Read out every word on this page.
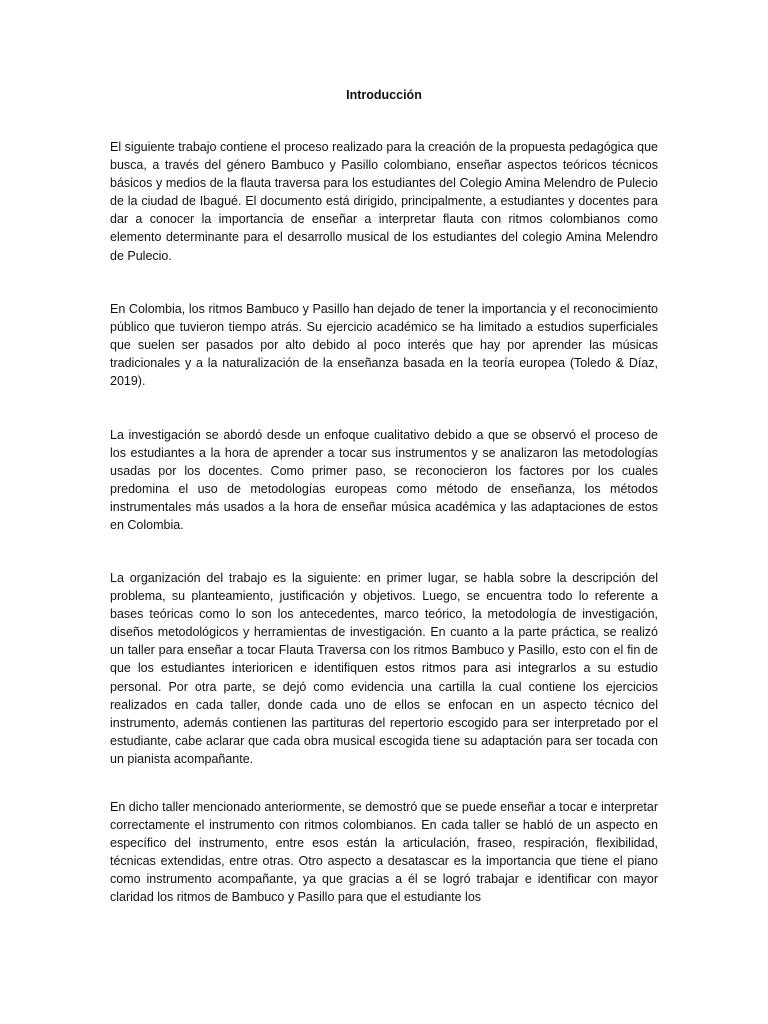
Introducción

El siguiente trabajo contiene el proceso realizado para la creación de la propuesta pedagógica que busca, a través del género Bambuco y Pasillo colombiano, enseñar aspectos teóricos técnicos básicos y medios de la flauta traversa para los estudiantes del Colegio Amina Melendro de Pulecio de la ciudad de Ibagué. El documento está dirigido, principalmente, a estudiantes y docentes para dar a conocer la importancia de enseñar a interpretar flauta con ritmos colombianos como elemento determinante para el desarrollo musical de los estudiantes del colegio Amina Melendro de Pulecio.

En Colombia, los ritmos Bambuco y Pasillo han dejado de tener la importancia y el reconocimiento público que tuvieron tiempo atrás. Su ejercicio académico se ha limitado a estudios superficiales que suelen ser pasados por alto debido al poco interés que hay por aprender las músicas tradicionales y a la naturalización de la enseñanza basada en la teoría europea (Toledo & Díaz, 2019).

La investigación se abordó desde un enfoque cualitativo debido a que se observó el proceso de los estudiantes a la hora de aprender a tocar sus instrumentos y se analizaron las metodologías usadas por los docentes. Como primer paso, se reconocieron los factores por los cuales predomina el uso de metodologías europeas como método de enseñanza, los métodos instrumentales más usados a la hora de enseñar música académica y las adaptaciones de estos en Colombia.

La organización del trabajo es la siguiente: en primer lugar, se habla sobre la descripción del problema, su planteamiento, justificación y objetivos. Luego, se encuentra todo lo referente a bases teóricas como lo son los antecedentes, marco teórico, la metodología de investigación, diseños metodológicos y herramientas de investigación. En cuanto a la parte práctica, se realizó un taller para enseñar a tocar Flauta Traversa con los ritmos Bambuco y Pasillo, esto con el fin de que los estudiantes interioricen e identifiquen estos ritmos para asi integrarlos a su estudio personal. Por otra parte, se dejó como evidencia una cartilla la cual contiene los ejercicios realizados en cada taller, donde cada uno de ellos se enfocan en un aspecto técnico del instrumento, además contienen las partituras del repertorio escogido para ser interpretado por el estudiante, cabe aclarar que cada obra musical escogida tiene su adaptación para ser tocada con un pianista acompañante.

En dicho taller mencionado anteriormente, se demostró que se puede enseñar a tocar e interpretar correctamente el instrumento con ritmos colombianos. En cada taller se habló de un aspecto en específico del instrumento, entre esos están la articulación, fraseo, respiración, flexibilidad, técnicas extendidas, entre otras. Otro aspecto a desatascar es la importancia que tiene el piano como instrumento acompañante, ya que gracias a él se logró trabajar e identificar con mayor claridad los ritmos de Bambuco y Pasillo para que el estudiante los
